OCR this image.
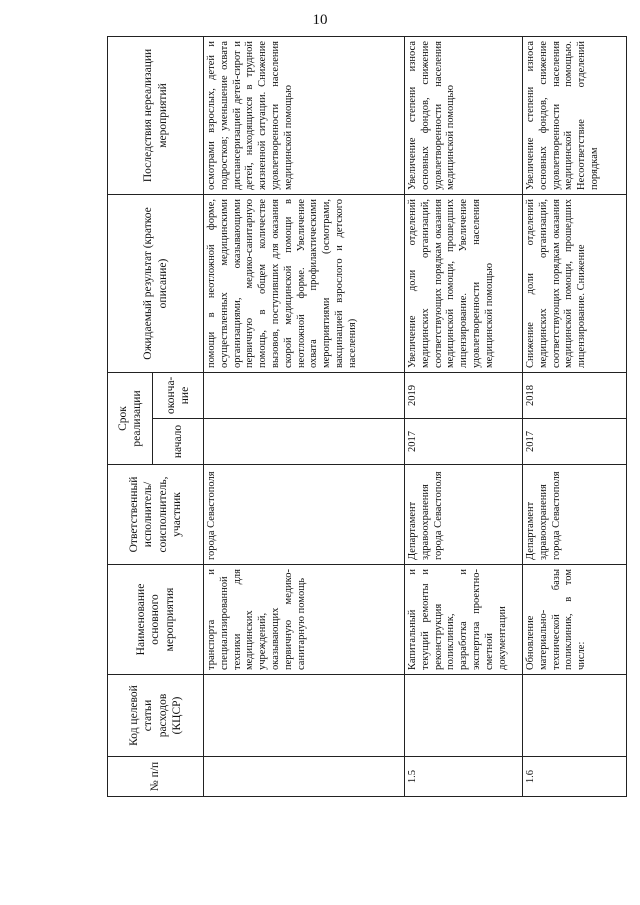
10
№ п/п	Код целевой статьи расходов (КЦСР)	Наименование основного мероприятия	Ответственный исполнитель/ соисполнитель, участник	Срок реализации		Ожидаемый результат (краткое описание)	Последствия нереализации мероприятий
				начало	оконча-ние		
		транспорта и специализированной техники для медицинских учреждений, оказывающих первичную медико-санитарную помощь	города Севастополя			помощи в неотложной форме, осуществленных медицинскими организациями, оказывающими первичную медико-санитарную помощь, в общем количестве вызовов, поступивших для оказания скорой медицинской помощи в неотложной форме. Увеличение охвата профилактическими мероприятиями (осмотрами, вакцинацией взрослого и детского населения)	осмотрами взрослых, детей и подростков; уменьшение охвата диспансеризацией детей-сирот и детей, находящихся в трудной жизненной ситуации. Снижение удовлетворенности населения медицинской помощью
1.5		Капитальный и текущий ремонты и реконструкция поликлиник, разработка и экспертиза проектно-сметной документации	Департамент здравоохранения города Севастополя	2017	2019	Увеличение доли отделений медицинских организаций, соответствующих порядкам оказания медицинской помощи, прошедших лицензирование. Увеличение удовлетворенности населения медицинской помощью	Увеличение степени износа основных фондов, снижение удовлетворенности населения медицинской помощью
1.6		Обновление материально-технической базы поликлиник, в том числе:	Департамент здравоохранения города Севастополя	2017	2018	Снижение доли отделений медицинских организаций, соответствующих порядкам оказания медицинской помощи, прошедших лицензирование. Снижение	Увеличение степени износа основных фондов, снижение удовлетворенности населения медицинской помощью. Несоответствие отделений порядкам
